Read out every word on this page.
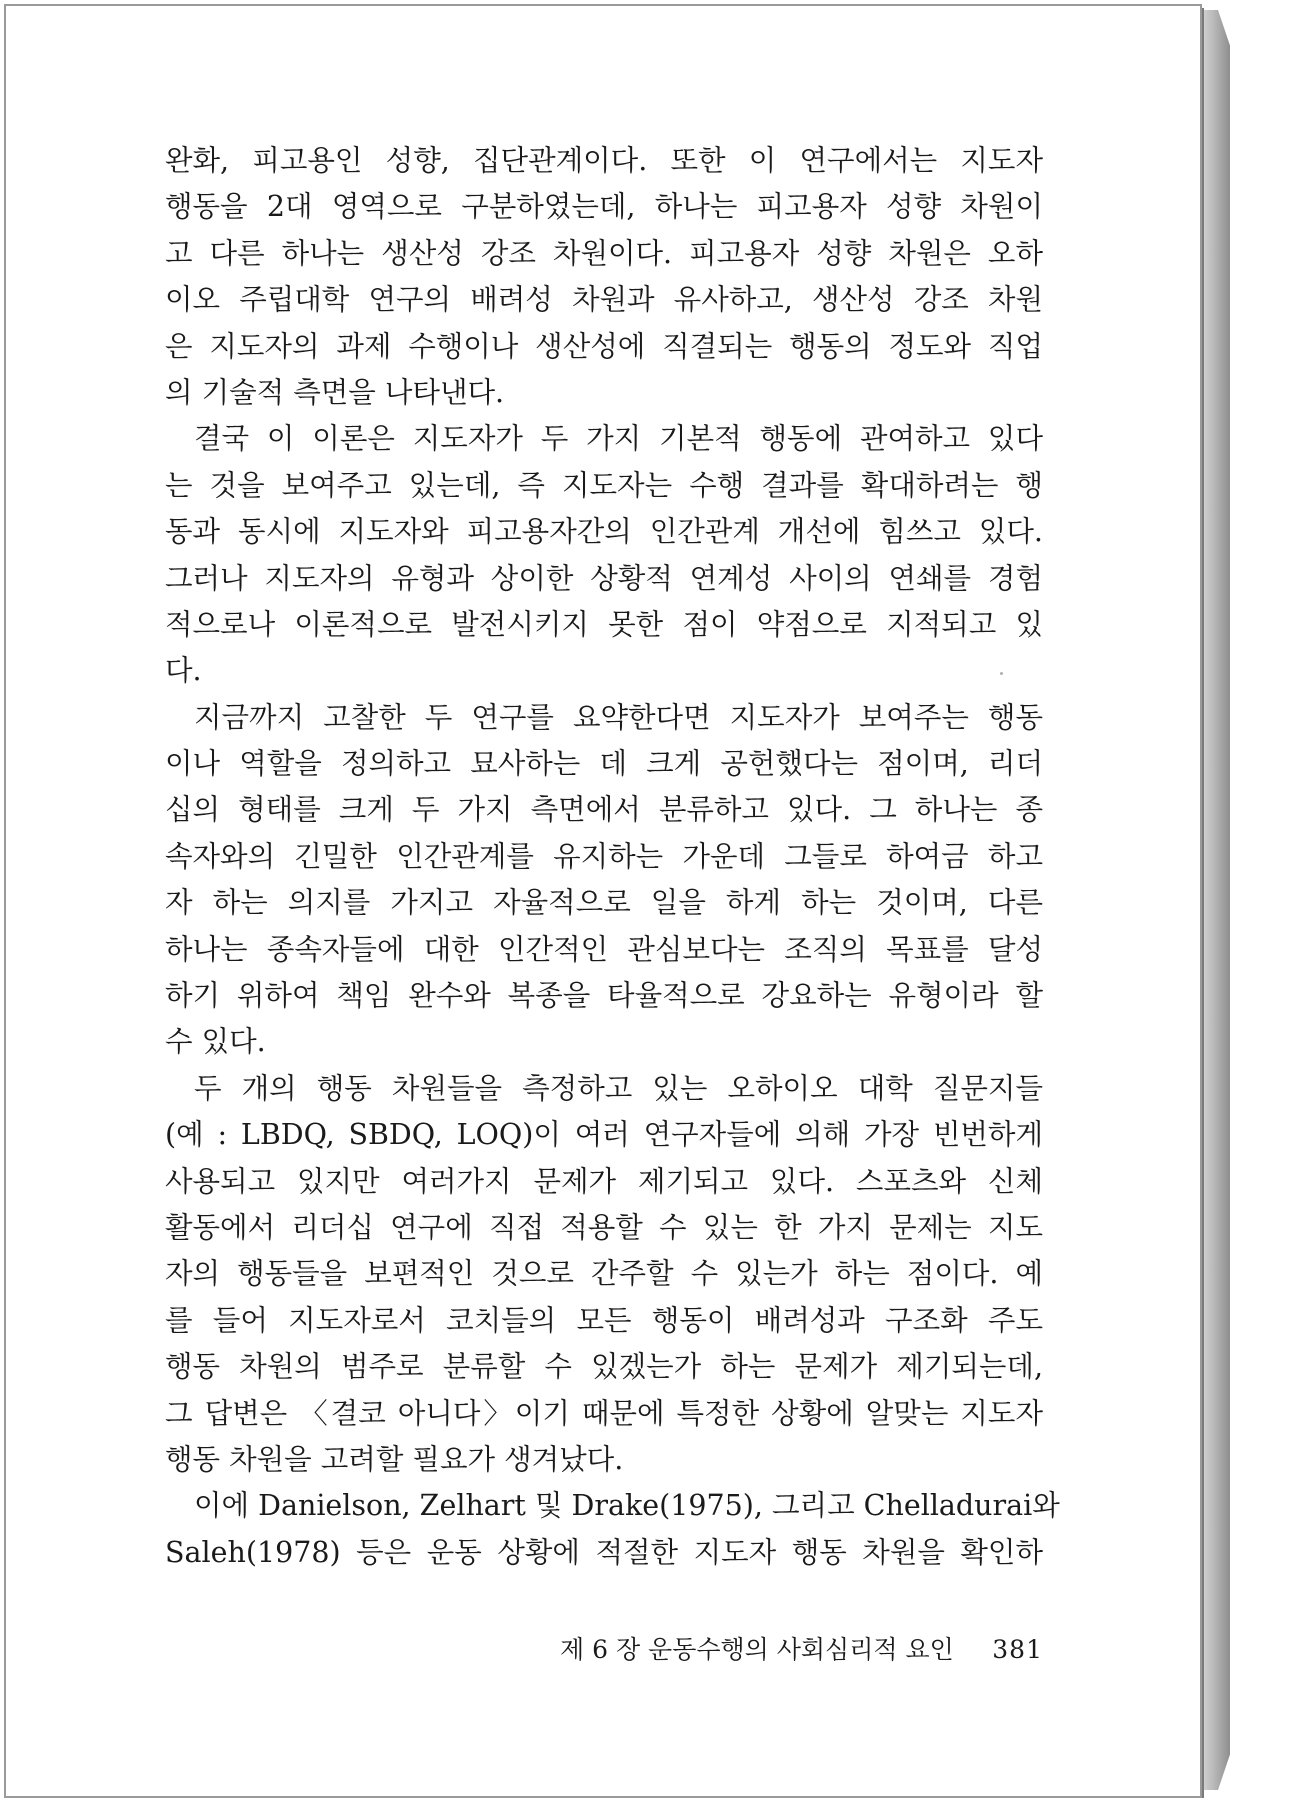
완화, 피고용인 성향, 집단관계이다. 또한 이 연구에서는 지도자
행동을 2대 영역으로 구분하였는데, 하나는 피고용자 성향 차원이
고 다른 하나는 생산성 강조 차원이다. 피고용자 성향 차원은 오하
이오 주립대학 연구의 배려성 차원과 유사하고, 생산성 강조 차원
은 지도자의 과제 수행이나 생산성에 직결되는 행동의 정도와 직업
의 기술적 측면을 나타낸다.
결국 이 이론은 지도자가 두 가지 기본적 행동에 관여하고 있다
는 것을 보여주고 있는데, 즉 지도자는 수행 결과를 확대하려는 행
동과 동시에 지도자와 피고용자간의 인간관계 개선에 힘쓰고 있다.
그러나 지도자의 유형과 상이한 상황적 연계성 사이의 연쇄를 경험
적으로나 이론적으로 발전시키지 못한 점이 약점으로 지적되고 있
다.
지금까지 고찰한 두 연구를 요약한다면 지도자가 보여주는 행동
이나 역할을 정의하고 묘사하는 데 크게 공헌했다는 점이며, 리더
십의 형태를 크게 두 가지 측면에서 분류하고 있다. 그 하나는 종
속자와의 긴밀한 인간관계를 유지하는 가운데 그들로 하여금 하고
자 하는 의지를 가지고 자율적으로 일을 하게 하는 것이며, 다른
하나는 종속자들에 대한 인간적인 관심보다는 조직의 목표를 달성
하기 위하여 책임 완수와 복종을 타율적으로 강요하는 유형이라 할
수 있다.
두 개의 행동 차원들을 측정하고 있는 오하이오 대학 질문지들
(예 : LBDQ, SBDQ, LOQ)이 여러 연구자들에 의해 가장 빈번하게
사용되고 있지만 여러가지 문제가 제기되고 있다. 스포츠와 신체
활동에서 리더십 연구에 직접 적용할 수 있는 한 가지 문제는 지도
자의 행동들을 보편적인 것으로 간주할 수 있는가 하는 점이다. 예
를 들어 지도자로서 코치들의 모든 행동이 배려성과 구조화 주도
행동 차원의 범주로 분류할 수 있겠는가 하는 문제가 제기되는데,
그 답변은 〈결코 아니다〉이기 때문에 특정한 상황에 알맞는 지도자
행동 차원을 고려할 필요가 생겨났다.
이에 Danielson, Zelhart 및 Drake(1975), 그리고 Chelladurai와
Saleh(1978) 등은 운동 상황에 적절한 지도자 행동 차원을 확인하
제 6 장 운동수행의 사회심리적 요인 381
